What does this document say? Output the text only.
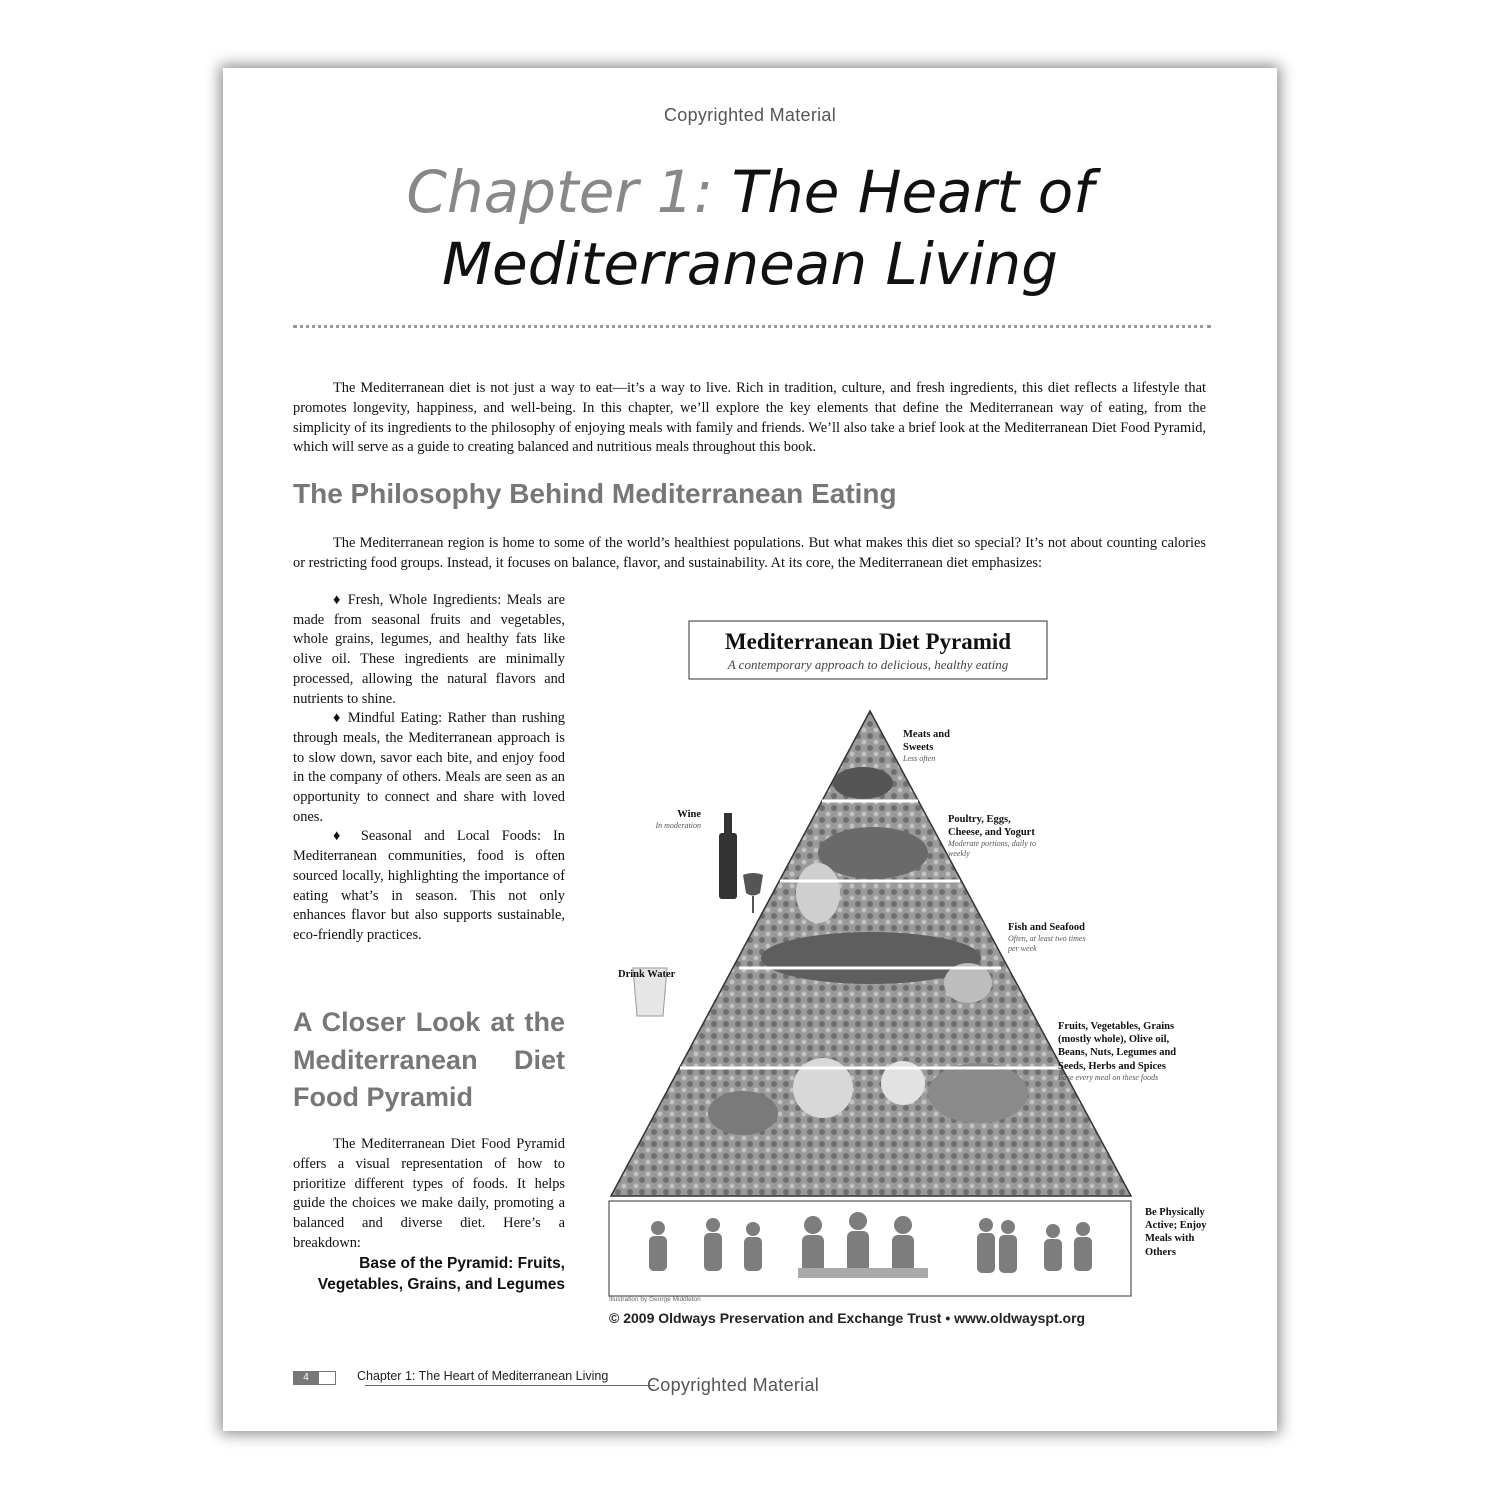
Copyrighted Material
Chapter 1: The Heart of
Mediterranean Living

The Mediterranean diet is not just a way to eat—it’s a way to live. Rich in tradition, culture, and fresh ingredients, this diet reflects a lifestyle that promotes longevity, happiness, and well-being. In this chapter, we’ll explore the key elements that define the Mediterranean way of eating, from the simplicity of its ingredients to the philosophy of enjoying meals with family and friends. We’ll also take a brief look at the Mediterranean Diet Food Pyramid, which will serve as a guide to creating balanced and nutritious meals throughout this book.

The Philosophy Behind Mediterranean Eating

The Mediterranean region is home to some of the world’s healthiest populations. But what makes this diet so special? It’s not about counting calories or restricting food groups. Instead, it focuses on balance, flavor, and sustainability. At its core, the Mediterranean diet emphasizes:

♦ Fresh, Whole Ingredients: Meals are made from seasonal fruits and vegetables, whole grains, legumes, and healthy fats like olive oil. These ingredients are minimally processed, allowing the natural flavors and nutrients to shine.

♦ Mindful Eating: Rather than rushing through meals, the Mediterranean approach is to slow down, savor each bite, and enjoy food in the company of others. Meals are seen as an opportunity to connect and share with loved ones.

♦ Seasonal and Local Foods: In Mediterranean communities, food is often sourced locally, highlighting the importance of eating what’s in season. This not only enhances flavor but also supports sustainable, eco-friendly practices.

A Closer Look at the Mediterranean Diet Food Pyramid

The Mediterranean Diet Food Pyramid offers a visual representation of how to prioritize different types of foods. It helps guide the choices we make daily, promoting a balanced and diverse diet. Here’s a breakdown:

Base of the Pyramid: Fruits, Vegetables, Grains, and Legumes

Mediterranean Diet Pyramid
A contemporary approach to delicious, healthy eating
Meats and Sweets
Less often
Poultry, Eggs, Cheese, and Yogurt
Moderate portions, daily to weekly
Fish and Seafood
Often, at least two times per week
Fruits, Vegetables, Grains (mostly whole), Olive oil, Beans, Nuts, Legumes and Seeds, Herbs and Spices
Base every meal on these foods
Be Physically Active; Enjoy Meals with Others
Wine
In moderation
Drink Water
Illustration by George Middleton
© 2009 Oldways Preservation and Exchange Trust • www.oldwayspt.org
4	Chapter 1: The Heart of Mediterranean Living Copyrighted Material
